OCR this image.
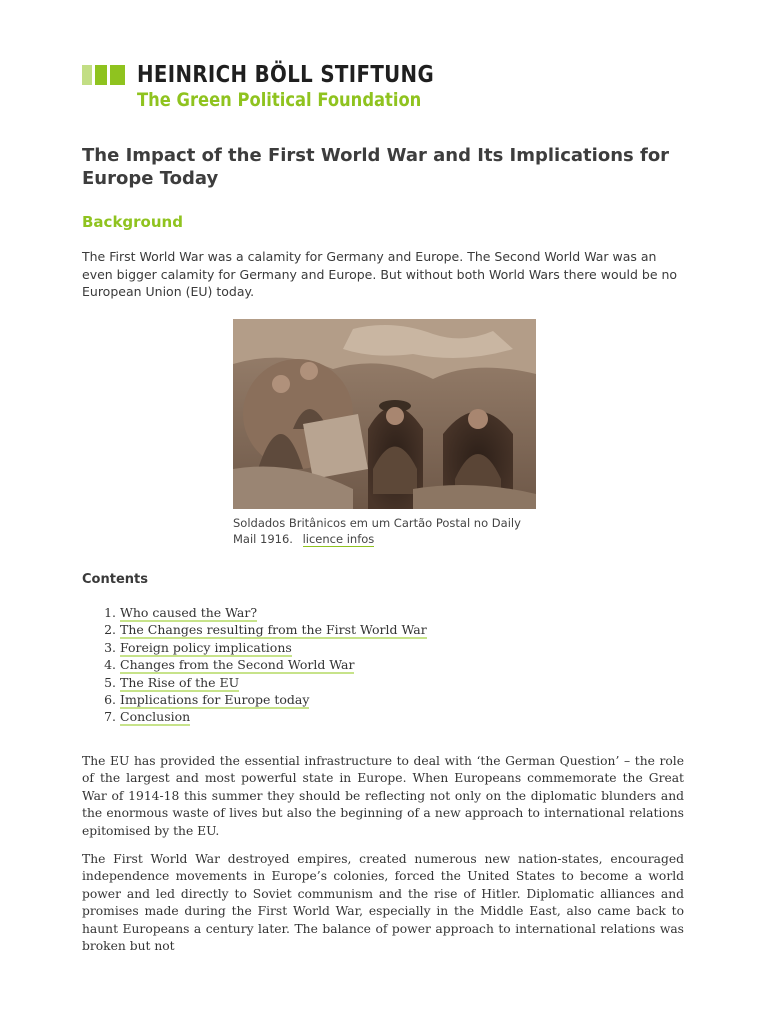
HEINRICH BÖLL STIFTUNG
The Green Political Foundation
The Impact of the First World War and Its Implications for Europe Today
Background

The First World War was a calamity for Germany and Europe. The Second World War was an even bigger calamity for Germany and Europe. But without both World Wars there would be no European Union (EU) today.

Soldados Britânicos em um Cartão Postal no Daily Mail 1916. licence infos
Contents
1. Who caused the War?
2. The Changes resulting from the First World War
3. Foreign policy implications
4. Changes from the Second World War
5. The Rise of the EU
6. Implications for Europe today
7. Conclusion

The EU has provided the essential infrastructure to deal with ‘the German Question’ – the role of the largest and most powerful state in Europe. When Europeans commemorate the Great War of 1914-18 this summer they should be reflecting not only on the diplomatic blunders and the enormous waste of lives but also the beginning of a new approach to international relations epitomised by the EU.

The First World War destroyed empires, created numerous new nation-states, encouraged independence movements in Europe’s colonies, forced the United States to become a world power and led directly to Soviet communism and the rise of Hitler. Diplomatic alliances and promises made during the First World War, especially in the Middle East, also came back to haunt Europeans a century later. The balance of power approach to international relations was broken but not
